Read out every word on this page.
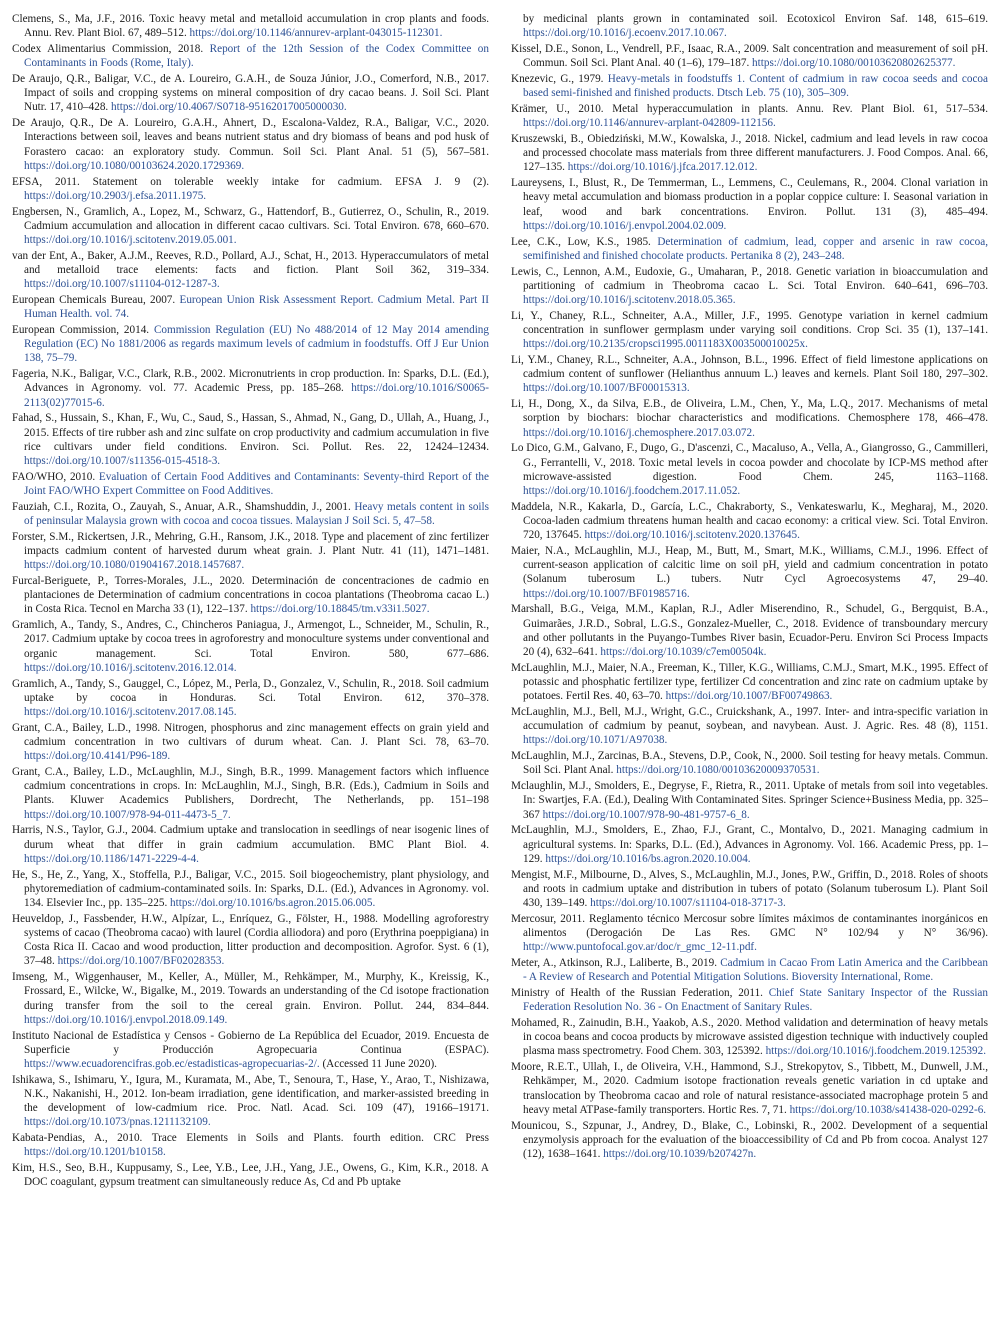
Clemens, S., Ma, J.F., 2016. Toxic heavy metal and metalloid accumulation in crop plants and foods. Annu. Rev. Plant Biol. 67, 489–512. https://doi.org/10.1146/annurev-arplant-043015-112301.

Codex Alimentarius Commission, 2018. Report of the 12th Session of the Codex Committee on Contaminants in Foods (Rome, Italy).

De Araujo, Q.R., Baligar, V.C., de A. Loureiro, G.A.H., de Souza Júnior, J.O., Comerford, N.B., 2017. Impact of soils and cropping systems on mineral composition of dry cacao beans. J. Soil Sci. Plant Nutr. 17, 410–428. https://doi.org/10.4067/S0718-95162017005000030.

De Araujo, Q.R., De A. Loureiro, G.A.H., Ahnert, D., Escalona-Valdez, R.A., Baligar, V.C., 2020. Interactions between soil, leaves and beans nutrient status and dry biomass of beans and pod husk of Forastero cacao: an exploratory study. Commun. Soil Sci. Plant Anal. 51 (5), 567–581. https://doi.org/10.1080/00103624.2020.1729369.

EFSA, 2011. Statement on tolerable weekly intake for cadmium. EFSA J. 9 (2). https://doi.org/10.2903/j.efsa.2011.1975.

Engbersen, N., Gramlich, A., Lopez, M., Schwarz, G., Hattendorf, B., Gutierrez, O., Schulin, R., 2019. Cadmium accumulation and allocation in different cacao cultivars. Sci. Total Environ. 678, 660–670. https://doi.org/10.1016/j.scitotenv.2019.05.001.

van der Ent, A., Baker, A.J.M., Reeves, R.D., Pollard, A.J., Schat, H., 2013. Hyperaccumulators of metal and metalloid trace elements: facts and fiction. Plant Soil 362, 319–334. https://doi.org/10.1007/s11104-012-1287-3.

European Chemicals Bureau, 2007. European Union Risk Assessment Report. Cadmium Metal. Part II Human Health. vol. 74.

European Commission, 2014. Commission Regulation (EU) No 488/2014 of 12 May 2014 amending Regulation (EC) No 1881/2006 as regards maximum levels of cadmium in foodstuffs. Off J Eur Union 138, 75–79.

Fageria, N.K., Baligar, V.C., Clark, R.B., 2002. Micronutrients in crop production. In: Sparks, D.L. (Ed.), Advances in Agronomy. vol. 77. Academic Press, pp. 185–268. https://doi.org/10.1016/S0065-2113(02)77015-6.

Fahad, S., Hussain, S., Khan, F., Wu, C., Saud, S., Hassan, S., Ahmad, N., Gang, D., Ullah, A., Huang, J., 2015. Effects of tire rubber ash and zinc sulfate on crop productivity and cadmium accumulation in five rice cultivars under field conditions. Environ. Sci. Pollut. Res. 22, 12424–12434. https://doi.org/10.1007/s11356-015-4518-3.

FAO/WHO, 2010. Evaluation of Certain Food Additives and Contaminants: Seventy-third Report of the Joint FAO/WHO Expert Committee on Food Additives.

Fauziah, C.I., Rozita, O., Zauyah, S., Anuar, A.R., Shamshuddin, J., 2001. Heavy metals content in soils of peninsular Malaysia grown with cocoa and cocoa tissues. Malaysian J Soil Sci. 5, 47–58.

Forster, S.M., Rickertsen, J.R., Mehring, G.H., Ransom, J.K., 2018. Type and placement of zinc fertilizer impacts cadmium content of harvested durum wheat grain. J. Plant Nutr. 41 (11), 1471–1481. https://doi.org/10.1080/01904167.2018.1457687.

Furcal-Beriguete, P., Torres-Morales, J.L., 2020. Determinación de concentraciones de cadmio en plantaciones de Determination of cadmium concentrations in cocoa plantations (Theobroma cacao L.) in Costa Rica. Tecnol en Marcha 33 (1), 122–137. https://doi.org/10.18845/tm.v33i1.5027.

Gramlich, A., Tandy, S., Andres, C., Chincheros Paniagua, J., Armengot, L., Schneider, M., Schulin, R., 2017. Cadmium uptake by cocoa trees in agroforestry and monoculture systems under conventional and organic management. Sci. Total Environ. 580, 677–686. https://doi.org/10.1016/j.scitotenv.2016.12.014.

Gramlich, A., Tandy, S., Gauggel, C., López, M., Perla, D., Gonzalez, V., Schulin, R., 2018. Soil cadmium uptake by cocoa in Honduras. Sci. Total Environ. 612, 370–378. https://doi.org/10.1016/j.scitotenv.2017.08.145.

Grant, C.A., Bailey, L.D., 1998. Nitrogen, phosphorus and zinc management effects on grain yield and cadmium concentration in two cultivars of durum wheat. Can. J. Plant Sci. 78, 63–70. https://doi.org/10.4141/P96-189.

Grant, C.A., Bailey, L.D., McLaughlin, M.J., Singh, B.R., 1999. Management factors which influence cadmium concentrations in crops. In: McLaughlin, M.J., Singh, B.R. (Eds.), Cadmium in Soils and Plants. Kluwer Academics Publishers, Dordrecht, The Netherlands, pp. 151–198 https://doi.org/10.1007/978-94-011-4473-5_7.

Harris, N.S., Taylor, G.J., 2004. Cadmium uptake and translocation in seedlings of near isogenic lines of durum wheat that differ in grain cadmium accumulation. BMC Plant Biol. 4. https://doi.org/10.1186/1471-2229-4-4.

He, S., He, Z., Yang, X., Stoffella, P.J., Baligar, V.C., 2015. Soil biogeochemistry, plant physiology, and phytoremediation of cadmium-contaminated soils. In: Sparks, D.L. (Ed.), Advances in Agronomy. vol. 134. Elsevier Inc., pp. 135–225. https://doi.org/10.1016/bs.agron.2015.06.005.

Heuveldop, J., Fassbender, H.W., Alpízar, L., Enríquez, G., Fölster, H., 1988. Modelling agroforestry systems of cacao (Theobroma cacao) with laurel (Cordia alliodora) and poro (Erythrina poeppigiana) in Costa Rica II. Cacao and wood production, litter production and decomposition. Agrofor. Syst. 6 (1), 37–48. https://doi.org/10.1007/BF02028353.

Imseng, M., Wiggenhauser, M., Keller, A., Müller, M., Rehkämper, M., Murphy, K., Kreissig, K., Frossard, E., Wilcke, W., Bigalke, M., 2019. Towards an understanding of the Cd isotope fractionation during transfer from the soil to the cereal grain. Environ. Pollut. 244, 834–844. https://doi.org/10.1016/j.envpol.2018.09.149.

Instituto Nacional de Estadística y Censos - Gobierno de La República del Ecuador, 2019. Encuesta de Superficie y Producción Agropecuaria Continua (ESPAC). https://www.ecuadorencifras.gob.ec/estadisticas-agropecuarias-2/. (Accessed 11 June 2020).

Ishikawa, S., Ishimaru, Y., Igura, M., Kuramata, M., Abe, T., Senoura, T., Hase, Y., Arao, T., Nishizawa, N.K., Nakanishi, H., 2012. Ion-beam irradiation, gene identification, and marker-assisted breeding in the development of low-cadmium rice. Proc. Natl. Acad. Sci. 109 (47), 19166–19171. https://doi.org/10.1073/pnas.1211132109.

Kabata-Pendias, A., 2010. Trace Elements in Soils and Plants. fourth edition. CRC Press https://doi.org/10.1201/b10158.

Kim, H.S., Seo, B.H., Kuppusamy, S., Lee, Y.B., Lee, J.H., Yang, J.E., Owens, G., Kim, K.R., 2018. A DOC coagulant, gypsum treatment can simultaneously reduce As, Cd and Pb uptake

by medicinal plants grown in contaminated soil. Ecotoxicol Environ Saf. 148, 615–619. https://doi.org/10.1016/j.ecoenv.2017.10.067.

Kissel, D.E., Sonon, L., Vendrell, P.F., Isaac, R.A., 2009. Salt concentration and measurement of soil pH. Commun. Soil Sci. Plant Anal. 40 (1–6), 179–187. https://doi.org/10.1080/00103620802625377.

Knezevic, G., 1979. Heavy-metals in foodstuffs 1. Content of cadmium in raw cocoa seeds and cocoa based semi-finished and finished products. Dtsch Leb. 75 (10), 305–309.

Krämer, U., 2010. Metal hyperaccumulation in plants. Annu. Rev. Plant Biol. 61, 517–534. https://doi.org/10.1146/annurev-arplant-042809-112156.

Kruszewski, B., Obiedziński, M.W., Kowalska, J., 2018. Nickel, cadmium and lead levels in raw cocoa and processed chocolate mass materials from three different manufacturers. J. Food Compos. Anal. 66, 127–135. https://doi.org/10.1016/j.jfca.2017.12.012.

Laureysens, I., Blust, R., De Temmerman, L., Lemmens, C., Ceulemans, R., 2004. Clonal variation in heavy metal accumulation and biomass production in a poplar coppice culture: I. Seasonal variation in leaf, wood and bark concentrations. Environ. Pollut. 131 (3), 485–494. https://doi.org/10.1016/j.envpol.2004.02.009.

Lee, C.K., Low, K.S., 1985. Determination of cadmium, lead, copper and arsenic in raw cocoa, semifinished and finished chocolate products. Pertanika 8 (2), 243–248.

Lewis, C., Lennon, A.M., Eudoxie, G., Umaharan, P., 2018. Genetic variation in bioaccumulation and partitioning of cadmium in Theobroma cacao L. Sci. Total Environ. 640–641, 696–703. https://doi.org/10.1016/j.scitotenv.2018.05.365.

Li, Y., Chaney, R.L., Schneiter, A.A., Miller, J.F., 1995. Genotype variation in kernel cadmium concentration in sunflower germplasm under varying soil conditions. Crop Sci. 35 (1), 137–141. https://doi.org/10.2135/cropsci1995.0011183X003500010025x.

Li, Y.M., Chaney, R.L., Schneiter, A.A., Johnson, B.L., 1996. Effect of field limestone applications on cadmium content of sunflower (Helianthus annuum L.) leaves and kernels. Plant Soil 180, 297–302. https://doi.org/10.1007/BF00015313.

Li, H., Dong, X., da Silva, E.B., de Oliveira, L.M., Chen, Y., Ma, L.Q., 2017. Mechanisms of metal sorption by biochars: biochar characteristics and modifications. Chemosphere 178, 466–478. https://doi.org/10.1016/j.chemosphere.2017.03.072.

Lo Dico, G.M., Galvano, F., Dugo, G., D'ascenzi, C., Macaluso, A., Vella, A., Giangrosso, G., Cammilleri, G., Ferrantelli, V., 2018. Toxic metal levels in cocoa powder and chocolate by ICP-MS method after microwave-assisted digestion. Food Chem. 245, 1163–1168. https://doi.org/10.1016/j.foodchem.2017.11.052.

Maddela, N.R., Kakarla, D., García, L.C., Chakraborty, S., Venkateswarlu, K., Megharaj, M., 2020. Cocoa-laden cadmium threatens human health and cacao economy: a critical view. Sci. Total Environ. 720, 137645. https://doi.org/10.1016/j.scitotenv.2020.137645.

Maier, N.A., McLaughlin, M.J., Heap, M., Butt, M., Smart, M.K., Williams, C.M.J., 1996. Effect of current-season application of calcitic lime on soil pH, yield and cadmium concentration in potato (Solanum tuberosum L.) tubers. Nutr Cycl Agroecosystems 47, 29–40. https://doi.org/10.1007/BF01985716.

Marshall, B.G., Veiga, M.M., Kaplan, R.J., Adler Miserendino, R., Schudel, G., Bergquist, B.A., Guimarães, J.R.D., Sobral, L.G.S., Gonzalez-Mueller, C., 2018. Evidence of transboundary mercury and other pollutants in the Puyango-Tumbes River basin, Ecuador-Peru. Environ Sci Process Impacts 20 (4), 632–641. https://doi.org/10.1039/c7em00504k.

McLaughlin, M.J., Maier, N.A., Freeman, K., Tiller, K.G., Williams, C.M.J., Smart, M.K., 1995. Effect of potassic and phosphatic fertilizer type, fertilizer Cd concentration and zinc rate on cadmium uptake by potatoes. Fertil Res. 40, 63–70. https://doi.org/10.1007/BF00749863.

McLaughlin, M.J., Bell, M.J., Wright, G.C., Cruickshank, A., 1997. Inter- and intra-specific variation in accumulation of cadmium by peanut, soybean, and navybean. Aust. J. Agric. Res. 48 (8), 1151. https://doi.org/10.1071/A97038.

McLaughlin, M.J., Zarcinas, B.A., Stevens, D.P., Cook, N., 2000. Soil testing for heavy metals. Commun. Soil Sci. Plant Anal. https://doi.org/10.1080/00103620009370531.

Mclaughlin, M.J., Smolders, E., Degryse, F., Rietra, R., 2011. Uptake of metals from soil into vegetables. In: Swartjes, F.A. (Ed.), Dealing With Contaminated Sites. Springer Science+Business Media, pp. 325–367 https://doi.org/10.1007/978-90-481-9757-6_8.

McLaughlin, M.J., Smolders, E., Zhao, F.J., Grant, C., Montalvo, D., 2021. Managing cadmium in agricultural systems. In: Sparks, D.L. (Ed.), Advances in Agronomy. Vol. 166. Academic Press, pp. 1–129. https://doi.org/10.1016/bs.agron.2020.10.004.

Mengist, M.F., Milbourne, D., Alves, S., McLaughlin, M.J., Jones, P.W., Griffin, D., 2018. Roles of shoots and roots in cadmium uptake and distribution in tubers of potato (Solanum tuberosum L). Plant Soil 430, 139–149. https://doi.org/10.1007/s11104-018-3717-3.

Mercosur, 2011. Reglamento técnico Mercosur sobre límites máximos de contaminantes inorgánicos en alimentos (Derogación De Las Res. GMC N° 102/94 y N° 36/96). http://www.puntofocal.gov.ar/doc/r_gmc_12-11.pdf.

Meter, A., Atkinson, R.J., Laliberte, B., 2019. Cadmium in Cacao From Latin America and the Caribbean - A Review of Research and Potential Mitigation Solutions. Bioversity International, Rome.

Ministry of Health of the Russian Federation, 2011. Chief State Sanitary Inspector of the Russian Federation Resolution No. 36 - On Enactment of Sanitary Rules.

Mohamed, R., Zainudin, B.H., Yaakob, A.S., 2020. Method validation and determination of heavy metals in cocoa beans and cocoa products by microwave assisted digestion technique with inductively coupled plasma mass spectrometry. Food Chem. 303, 125392. https://doi.org/10.1016/j.foodchem.2019.125392.

Moore, R.E.T., Ullah, I., de Oliveira, V.H., Hammond, S.J., Strekopytov, S., Tibbett, M., Dunwell, J.M., Rehkämper, M., 2020. Cadmium isotope fractionation reveals genetic variation in cd uptake and translocation by Theobroma cacao and role of natural resistance-associated macrophage protein 5 and heavy metal ATPase-family transporters. Hortic Res. 7, 71. https://doi.org/10.1038/s41438-020-0292-6.

Mounicou, S., Szpunar, J., Andrey, D., Blake, C., Lobinski, R., 2002. Development of a sequential enzymolysis approach for the evaluation of the bioaccessibility of Cd and Pb from cocoa. Analyst 127 (12), 1638–1641. https://doi.org/10.1039/b207427n.
